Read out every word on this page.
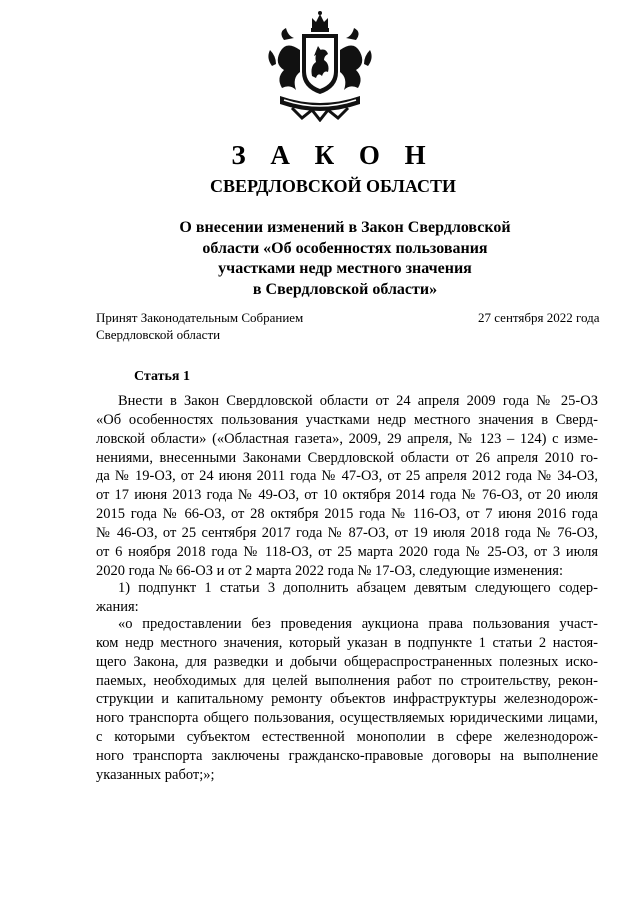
З А К О Н
СВЕРДЛОВСКОЙ ОБЛАСТИ
О внесении изменений в Закон Свердловской
области «Об особенностях пользования
участками недр местного значения
в Свердловской области»
Принят Законодательным Собранием
Свердловской области
27 сентября 2022 года
Статья 1
Внести в Закон Свердловской области от 24 апреля 2009 года № 25-ОЗ
«Об особенностях пользования участками недр местного значения в Сверд-
ловской области» («Областная газета», 2009, 29 апреля, № 123 – 124) с изме-
нениями, внесенными Законами Свердловской области от 26 апреля 2010 го-
да № 19-ОЗ, от 24 июня 2011 года № 47-ОЗ, от 25 апреля 2012 года № 34-ОЗ,
от 17 июня 2013 года № 49-ОЗ, от 10 октября 2014 года № 76-ОЗ, от 20 июля
2015 года № 66-ОЗ, от 28 октября 2015 года № 116-ОЗ, от 7 июня 2016 года
№ 46-ОЗ, от 25 сентября 2017 года № 87-ОЗ, от 19 июля 2018 года № 76-ОЗ,
от 6 ноября 2018 года № 118-ОЗ, от 25 марта 2020 года № 25-ОЗ, от 3 июля
2020 года № 66-ОЗ и от 2 марта 2022 года № 17-ОЗ, следующие изменения:
1) подпункт 1 статьи 3 дополнить абзацем девятым следующего содер-
жания:
«о предоставлении без проведения аукциона права пользования участ-
ком недр местного значения, который указан в подпункте 1 статьи 2 настоя-
щего Закона, для разведки и добычи общераспространенных полезных иско-
паемых, необходимых для целей выполнения работ по строительству, рекон-
струкции и капитальному ремонту объектов инфраструктуры железнодорож-
ного транспорта общего пользования, осуществляемых юридическими лицами,
с которыми субъектом естественной монополии в сфере железнодорож-
ного транспорта заключены гражданско-правовые договоры на выполнение
указанных работ;»;
